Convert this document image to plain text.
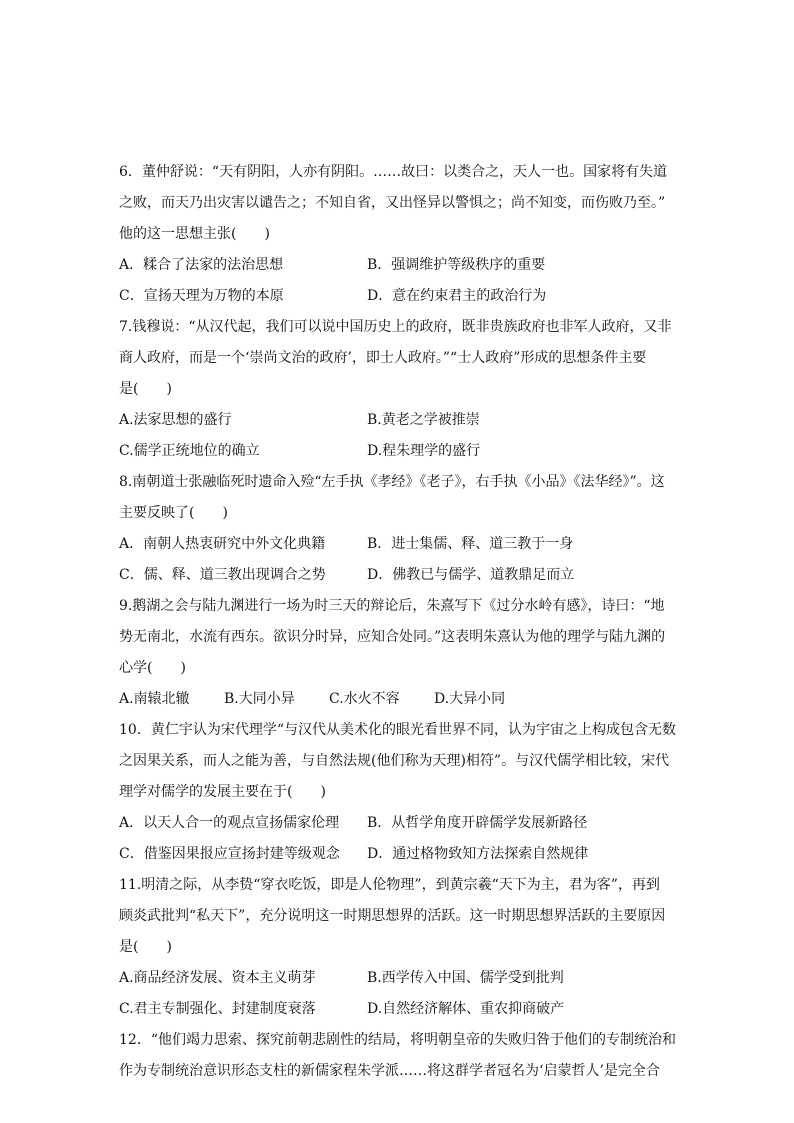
6．董仲舒说：“天有阴阳，人亦有阴阳。……故曰：以类合之，天人一也。国家将有失道
之败，而天乃出灾害以谴告之；不知自省，又出怪异以警惧之；尚不知变，而伤败乃至。”
他的这一思想主张(　　)
A．糅合了法家的法治思想	B．强调维护等级秩序的重要
C．宣扬天理为万物的本原	D．意在约束君主的政治行为
7.钱穆说：“从汉代起，我们可以说中国历史上的政府，既非贵族政府也非军人政府，又非
商人政府，而是一个‘崇尚文治的政府’，即士人政府。”“士人政府”形成的思想条件主要
是(　　)
A.法家思想的盛行	B.黄老之学被推崇
C.儒学正统地位的确立	D.程朱理学的盛行
8.南朝道士张融临死时遗命入殓“左手执《孝经》《老子》，右手执《小品》《法华经》”。这
主要反映了(　　)
A．南朝人热衷研究中外文化典籍	B．进士集儒、释、道三教于一身
C．儒、释、道三教出现调合之势	D．佛教已与儒学、道教鼎足而立
9.鹅湖之会与陆九渊进行一场为时三天的辩论后，朱熹写下《过分水岭有感》，诗曰：“地
势无南北，水流有西东。欲识分时异，应知合处同。”这表明朱熹认为他的理学与陆九渊的
心学(　　)
A.南辕北辙	B.大同小异	C.水火不容	D.大异小同
10．黄仁宇认为宋代理学“与汉代从美术化的眼光看世界不同，认为宇宙之上构成包含无数
之因果关系，而人之能为善，与自然法规(他们称为天理)相符”。与汉代儒学相比较，宋代
理学对儒学的发展主要在于(　　)
A．以天人合一的观点宣扬儒家伦理	B．从哲学角度开辟儒学发展新路径
C．借鉴因果报应宣扬封建等级观念	D．通过格物致知方法探索自然规律
11.明清之际，从李贽“穿衣吃饭，即是人伦物理”，到黄宗羲“天下为主，君为客”，再到
顾炎武批判“私天下”，充分说明这一时期思想界的活跃。这一时期思想界活跃的主要原因
是(　　)
A.商品经济发展、资本主义萌芽	B.西学传入中国、儒学受到批判
C.君主专制强化、封建制度衰落	D.自然经济解体、重农抑商破产
12．“他们竭力思索、探究前朝悲剧性的结局，将明朝皇帝的失败归咎于他们的专制统治和
作为专制统治意识形态支柱的新儒家程朱学派……将这群学者冠名为‘启蒙哲人’是完全合
